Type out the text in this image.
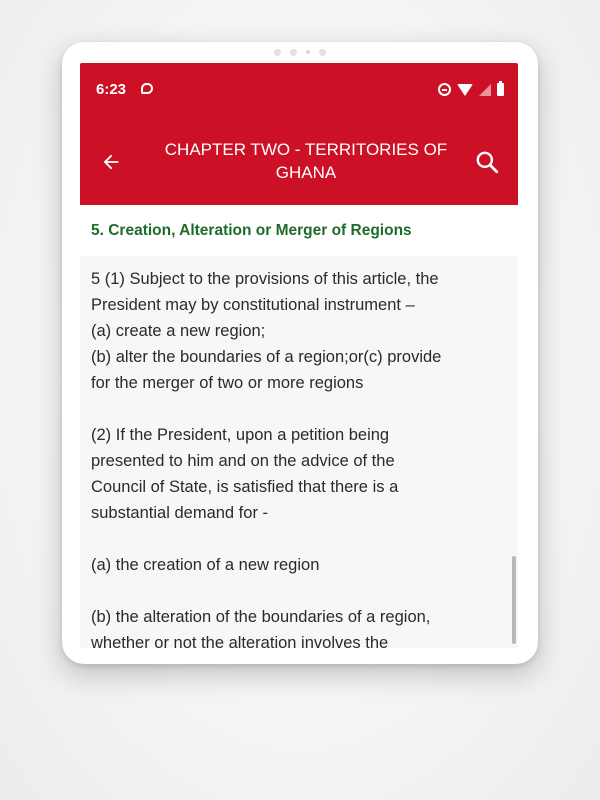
6:23
CHAPTER TWO - TERRITORIES OF
GHANA
5. Creation, Alteration or Merger of Regions

5 (1) Subject to the provisions of this article, the
President may by constitutional instrument –
(a) create a new region;
(b) alter the boundaries of a region;or(c) provide
for the merger of two or more regions

(2) If the President, upon a petition being
presented to him and on the advice of the
Council of State, is satisfied that there is a
substantial demand for -

(a) the creation of a new region

(b) the alteration of the boundaries of a region,
whether or not the alteration involves the
